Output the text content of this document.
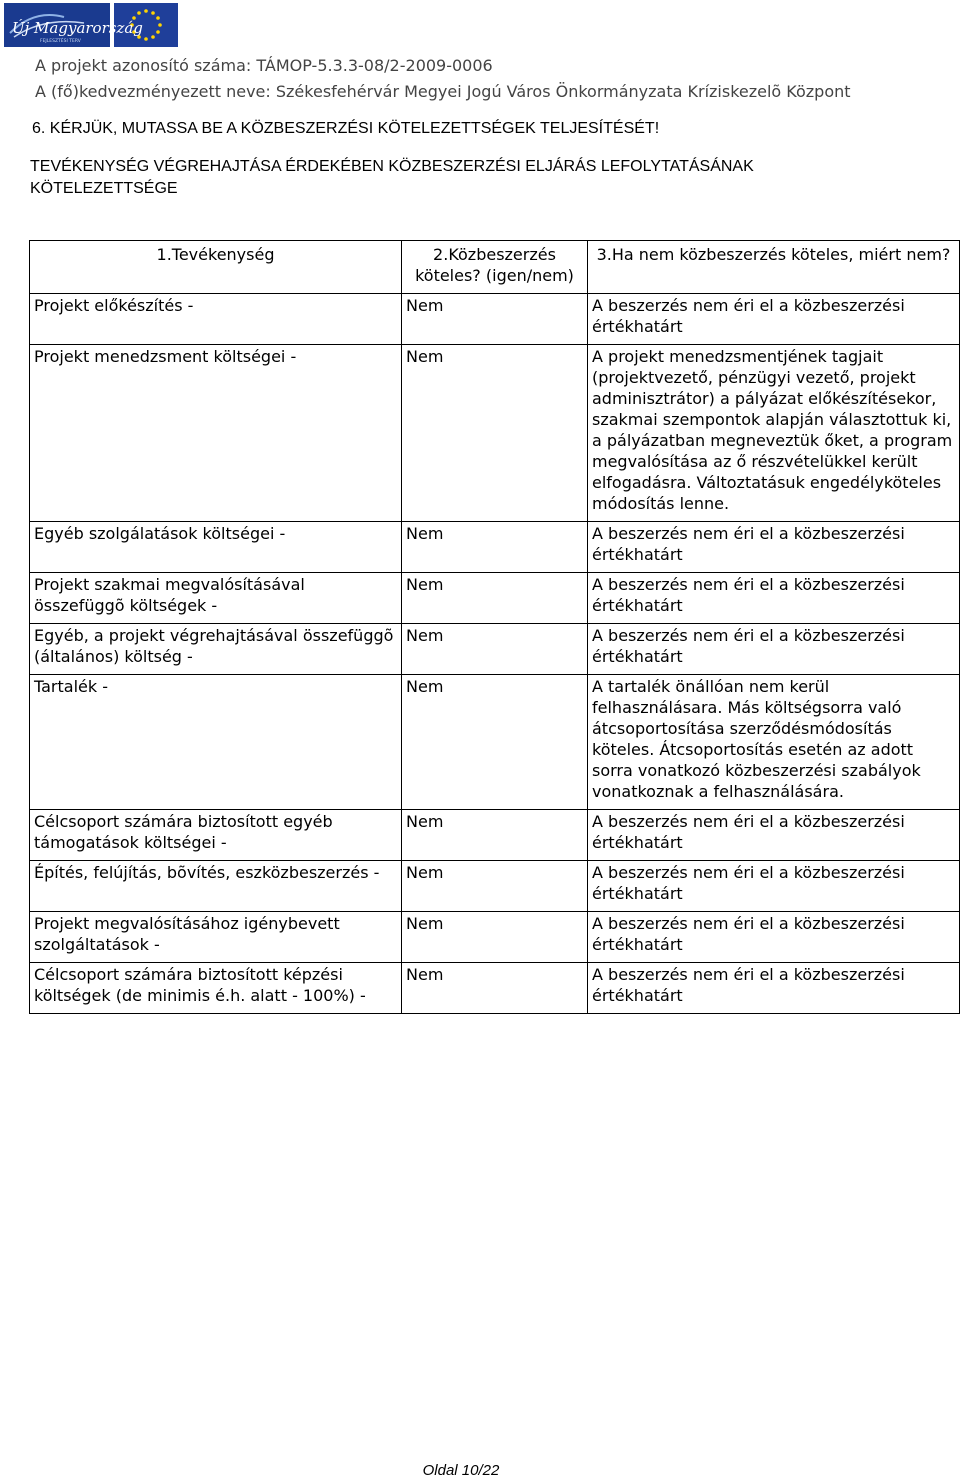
Új Magyarország
FEJLESZTÉSI TERV
A projekt azonosító száma: TÁMOP-5.3.3-08/2-2009-0006
A (fő)kedvezményezett neve: Székesfehérvár Megyei Jogú Város Önkormányzata Kríziskezelõ Központ
6. KÉRJÜK, MUTASSA BE A KÖZBESZERZÉSI KÖTELEZETTSÉGEK TELJESÍTÉSÉT!
TEVÉKENYSÉG VÉGREHAJTÁSA ÉRDEKÉBEN KÖZBESZERZÉSI ELJÁRÁS LEFOLYTATÁSÁNAK KÖTELEZETTSÉGE
1.Tevékenység	2.Közbeszerzés köteles? (igen/nem)	3.Ha nem közbeszerzés köteles, miért nem?
Projekt előkészítés -	Nem	A beszerzés nem éri el a közbeszerzési értékhatárt
Projekt menedzsment költségei -	Nem	A projekt menedzsmentjének tagjait (projektvezető, pénzügyi vezető, projekt adminisztrátor) a pályázat előkészítésekor, szakmai szempontok alapján választottuk ki, a pályázatban megneveztük őket, a program megvalósítása az ő részvételükkel került elfogadásra. Változtatásuk engedélyköteles módosítás lenne.
Egyéb szolgálatások költségei -	Nem	A beszerzés nem éri el a közbeszerzési értékhatárt
Projekt szakmai megvalósításával összefüggõ költségek -	Nem	A beszerzés nem éri el a közbeszerzési értékhatárt
Egyéb, a projekt végrehajtásával összefüggõ (általános) költség -	Nem	A beszerzés nem éri el a közbeszerzési értékhatárt
Tartalék -	Nem	A tartalék önállóan nem kerül felhasználásara. Más költségsorra való átcsoportosítása szerződésmódosítás köteles. Átcsoportosítás esetén az adott sorra vonatkozó közbeszerzési szabályok vonatkoznak a felhasználására.
Célcsoport számára biztosított egyéb támogatások költségei -	Nem	A beszerzés nem éri el a közbeszerzési értékhatárt
Építés, felújítás, bõvítés, eszközbeszerzés -	Nem	A beszerzés nem éri el a közbeszerzési értékhatárt
Projekt megvalósításához igénybevett szolgáltatások -	Nem	A beszerzés nem éri el a közbeszerzési értékhatárt
Célcsoport számára biztosított képzési költségek (de minimis é.h. alatt - 100%) -	Nem	A beszerzés nem éri el a közbeszerzési értékhatárt
Oldal 10/22
